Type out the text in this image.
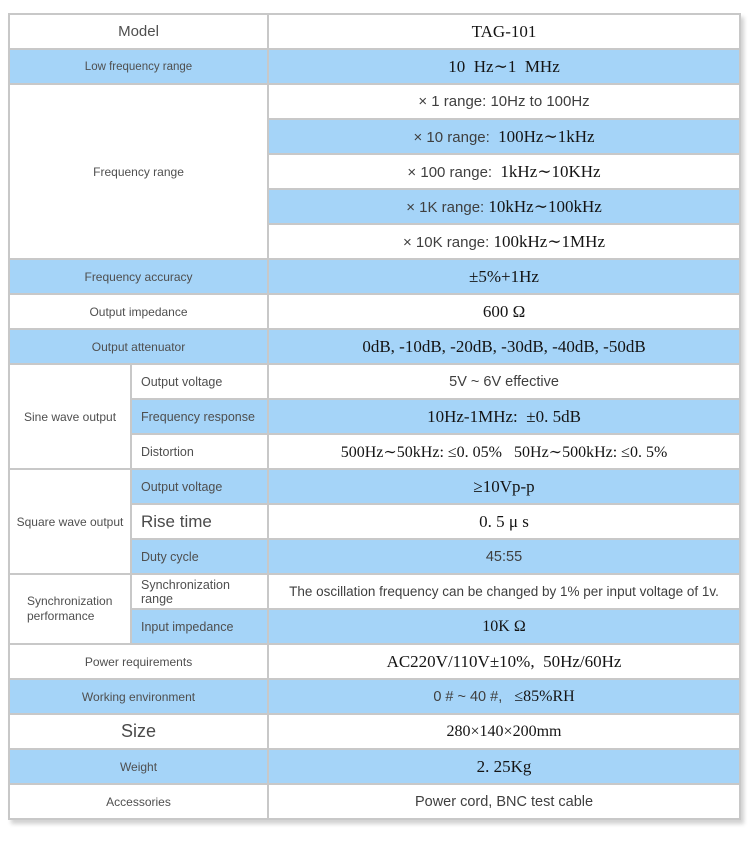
Model		TAG-101
Low frequency range		10  Hz∼1  MHz
Frequency range		× 1 range: 10Hz to 100Hz
		× 10 range:  100Hz∼1kHz
		× 100 range:  1kHz∼10KHz
		× 1K range: 10kHz∼100kHz
		× 10K range: 100kHz∼1MHz
Frequency accuracy		±5%+1Hz
Output impedance		600 Ω
Output attenuator		0dB, -10dB, -20dB, -30dB, -40dB, -50dB
Sine wave output	Output voltage	5V ~ 6V effective
	Frequency response	10Hz-1MHz:  ±0. 5dB
	Distortion	500Hz∼50kHz: ≤0. 05%   50Hz∼500kHz: ≤0. 5%
Square wave output	Output voltage	≥10Vp-p
	Rise time	0. 5 μ s
	Duty cycle	45:55
Synchronization performance	Synchronization range	The oscillation frequency can be changed by 1% per input voltage of 1v.
	Input impedance	10K Ω
Power requirements		AC220V/110V±10%,  50Hz/60Hz
Working environment		0 # ~ 40 #,   ≤85%RH
Size		280×140×200mm
Weight		2. 25Kg
Accessories		Power cord, BNC test cable
